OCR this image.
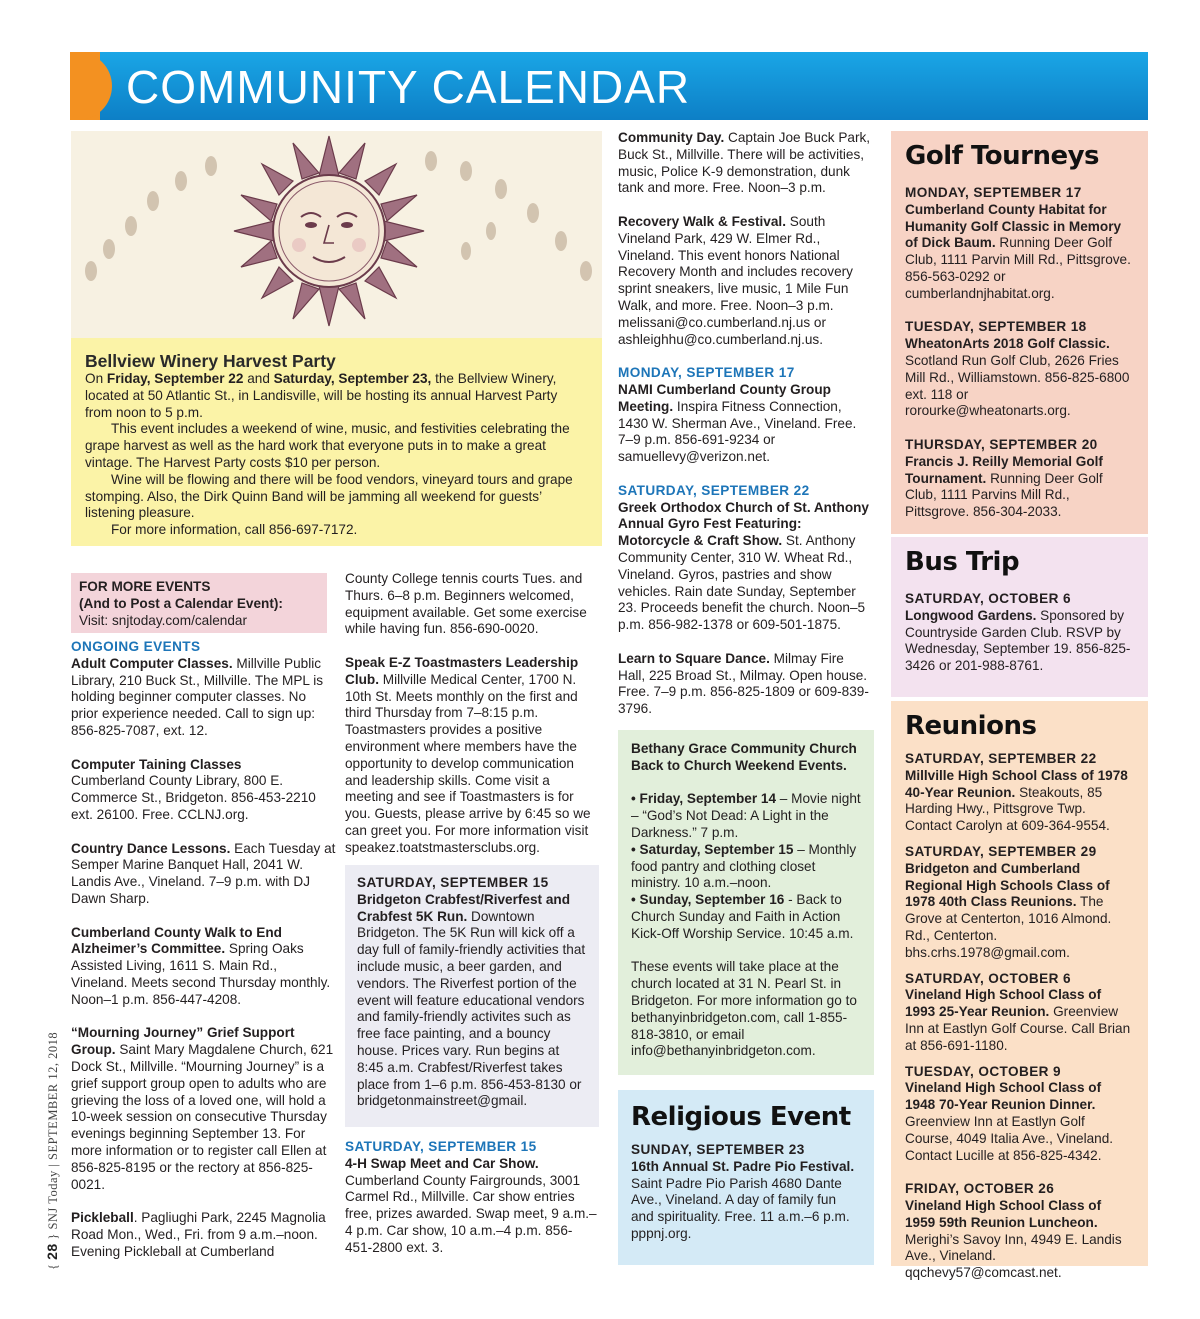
COMMUNITY CALENDAR
Bellview Winery Harvest Party

On Friday, September 22 and Saturday, September 23, the Bellview Winery, located at 50 Atlantic St., in Landisville, will be hosting its annual Harvest Party from noon to 5 p.m.

This event includes a weekend of wine, music, and festivities celebrating the grape harvest as well as the hard work that everyone puts in to make a great vintage. The Harvest Party costs $10 per person.

Wine will be flowing and there will be food vendors, vineyard tours and grape stomping. Also, the Dirk Quinn Band will be jamming all weekend for guests’ listening pleasure.

For more information, call 856-697-7172.

FOR MORE EVENTS
(And to Post a Calendar Event):
Visit: snjtoday.com/calendar
ONGOING EVENTS
Adult Computer Classes. Millville Public Library, 210 Buck St., Millville. The MPL is holding beginner computer classes. No prior experience needed. Call to sign up: 856-825-7087, ext. 12.
Computer Taining Classes
Cumberland County Library, 800 E. Commerce St., Bridgeton. 856-453-2210 ext. 26100. Free. CCLNJ.org.
Country Dance Lessons. Each Tuesday at Semper Marine Banquet Hall, 2041 W. Landis Ave., Vineland. 7–9 p.m. with DJ Dawn Sharp.
Cumberland County Walk to End Alzheimer’s Committee. Spring Oaks Assisted Living, 1611 S. Main Rd., Vineland. Meets second Thursday monthly. Noon–1 p.m. 856-447-4208.
“Mourning Journey” Grief Support Group. Saint Mary Magdalene Church, 621 Dock St., Millville. “Mourning Journey” is a grief support group open to adults who are grieving the loss of a loved one, will hold a 10-week session on consecutive Thursday evenings beginning September 13. For more information or to register call Ellen at 856-825-8195 or the rectory at 856-825-0021.
Pickleball. Pagliughi Park, 2245 Magnolia Road Mon., Wed., Fri. from 9 a.m.–noon. Evening Pickleball at Cumberland
County College tennis courts Tues. and Thurs. 6–8 p.m. Beginners welcomed, equipment available. Get some exercise while having fun. 856-690-0020.
Speak E-Z Toastmasters Leadership Club. Millville Medical Center, 1700 N. 10th St. Meets monthly on the first and third Thursday from 7–8:15 p.m. Toastmasters provides a positive environment where members have the opportunity to develop communication and leadership skills. Come visit a meeting and see if Toastmasters is for you. Guests, please arrive by 6:45 so we can greet you. For more information visit speakez.toatstmastersclubs.org.
SATURDAY, SEPTEMBER 15
Bridgeton Crabfest/Riverfest and Crabfest 5K Run. Downtown Bridgeton. The 5K Run will kick off a day full of family-friendly activities that include music, a beer garden, and vendors. The Riverfest portion of the event will feature educational vendors and family-friendly activites such as free face painting, and a bouncy house. Prices vary. Run begins at 8:45 a.m. Crabfest/Riverfest takes place from 1–6 p.m. 856-453-8130 or bridgetonmainstreet@gmail.
SATURDAY, SEPTEMBER 15
4-H Swap Meet and Car Show. Cumberland County Fairgrounds, 3001 Carmel Rd., Millville. Car show entries free, prizes awarded. Swap meet, 9 a.m.–4 p.m. Car show, 10 a.m.–4 p.m. 856-451-2800 ext. 3.
Community Day. Captain Joe Buck Park, Buck St., Millville. There will be activities, music, Police K-9 demonstration, dunk tank and more. Free. Noon–3 p.m.
Recovery Walk & Festival. South Vineland Park, 429 W. Elmer Rd., Vineland. This event honors National Recovery Month and includes recovery sprint sneakers, live music, 1 Mile Fun Walk, and more. Free. Noon–3 p.m. melissani@co.cumberland.nj.us or ashleighhu@co.cumberland.nj.us.
MONDAY, SEPTEMBER 17
NAMI Cumberland County Group Meeting. Inspira Fitness Connection, 1430 W. Sherman Ave., Vineland. Free. 7–9 p.m. 856-691-9234 or samuellevy@verizon.net.
SATURDAY, SEPTEMBER 22
Greek Orthodox Church of St. Anthony Annual Gyro Fest Featuring: Motorcycle & Craft Show. St. Anthony Community Center, 310 W. Wheat Rd., Vineland. Gyros, pastries and show vehicles. Rain date Sunday, September 23. Proceeds benefit the church. Noon–5 p.m. 856-982-1378 or 609-501-1875.
Learn to Square Dance. Milmay Fire Hall, 225 Broad St., Milmay. Open house. Free. 7–9 p.m. 856-825-1809 or 609-839-3796.
Bethany Grace Community Church Back to Church Weekend Events.
• Friday, September 14 – Movie night – “God’s Not Dead: A Light in the Darkness.” 7 p.m.
• Saturday, September 15 – Monthly food pantry and clothing closet ministry. 10 a.m.–noon.
• Sunday, September 16 - Back to Church Sunday and Faith in Action Kick-Off Worship Service. 10:45 a.m.
These events will take place at the church located at 31 N. Pearl St. in Bridgeton. For more information go to bethanyinbridgeton.com, call 1-855-818-3810, or email info@bethanyinbridgeton.com.
Religious Event
SUNDAY, SEPTEMBER 23
16th Annual St. Padre Pio Festival. Saint Padre Pio Parish 4680 Dante Ave., Vineland. A day of family fun and spirituality. Free. 11 a.m.–6 p.m. pppnj.org.
Golf Tourneys
MONDAY, SEPTEMBER 17
Cumberland County Habitat for Humanity Golf Classic in Memory of Dick Baum. Running Deer Golf Club, 1111 Parvin Mill Rd., Pittsgrove. 856-563-0292 or cumberlandnjhabitat.org.
TUESDAY, SEPTEMBER 18
WheatonArts 2018 Golf Classic. Scotland Run Golf Club, 2626 Fries Mill Rd., Williamstown. 856-825-6800 ext. 118 or rorourke@wheatonarts.org.
THURSDAY, SEPTEMBER 20
Francis J. Reilly Memorial Golf Tournament. Running Deer Golf Club, 1111 Parvins Mill Rd., Pittsgrove. 856-304-2033.
Bus Trip
SATURDAY, OCTOBER 6
Longwood Gardens. Sponsored by Countryside Garden Club. RSVP by Wednesday, September 19. 856-825-3426 or 201-988-8761.
Reunions
SATURDAY, SEPTEMBER 22
Millville High School Class of 1978 40-Year Reunion. Steakouts, 85 Harding Hwy., Pittsgrove Twp. Contact Carolyn at 609-364-9554.
SATURDAY, SEPTEMBER 29
Bridgeton and Cumberland Regional High Schools Class of 1978 40th Class Reunions. The Grove at Centerton, 1016 Almond. Rd., Centerton. bhs.crhs.1978@gmail.com.
SATURDAY, OCTOBER 6
Vineland High School Class of 1993 25-Year Reunion. Greenview Inn at Eastlyn Golf Course. Call Brian at 856-691-1180.
TUESDAY, OCTOBER 9
Vineland High School Class of 1948 70-Year Reunion Dinner. Greenview Inn at Eastlyn Golf Course, 4049 Italia Ave., Vineland. Contact Lucille at 856-825-4342.
FRIDAY, OCTOBER 26
Vineland High School Class of 1959 59th Reunion Luncheon. Merighi’s Savoy Inn, 4949 E. Landis Ave., Vineland. qqchevy57@comcast.net.
{ 28 } SNJ Today | SEPTEMBER 12, 2018
